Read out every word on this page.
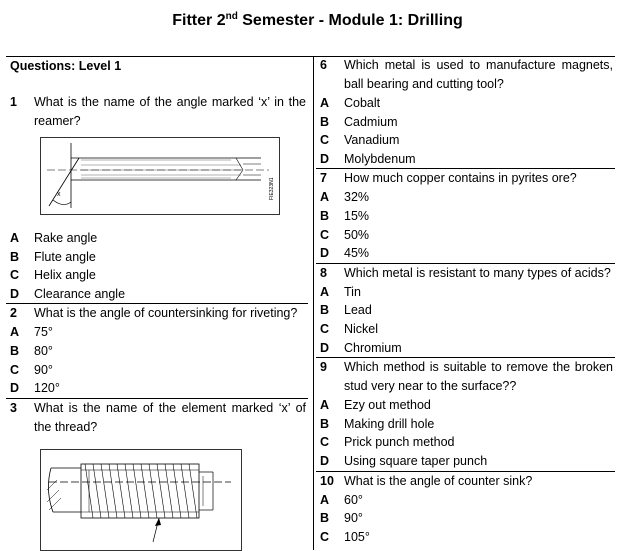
Fitter 2nd Semester - Module 1: Drilling
Questions: Level 1
1	What is the name of the angle marked ‘x’ in the reamer?
x	FIE323N1
A	Rake angle
B	Flute angle
C	Helix angle
D	Clearance angle
2	What is the angle of countersinking for riveting?
A	75°
B	80°
C	90°
D	120°
3	What is the name of the element marked ‘x’ of the thread?
6	Which metal is used to manufacture magnets, ball bearing and cutting tool?
A	Cobalt
B	Cadmium
C	Vanadium
D	Molybdenum
7	How much copper contains in pyrites ore?
A	32%
B	15%
C	50%
D	45%
8	Which metal is resistant to many types of acids?
A	Tin
B	Lead
C	Nickel
D	Chromium
9	Which method is suitable to remove the broken stud very near to the surface??
A	Ezy out method
B	Making drill hole
C	Prick punch method
D	Using square taper punch
10 What is the angle of counter sink?
A	60°
B	90°
C	105°
